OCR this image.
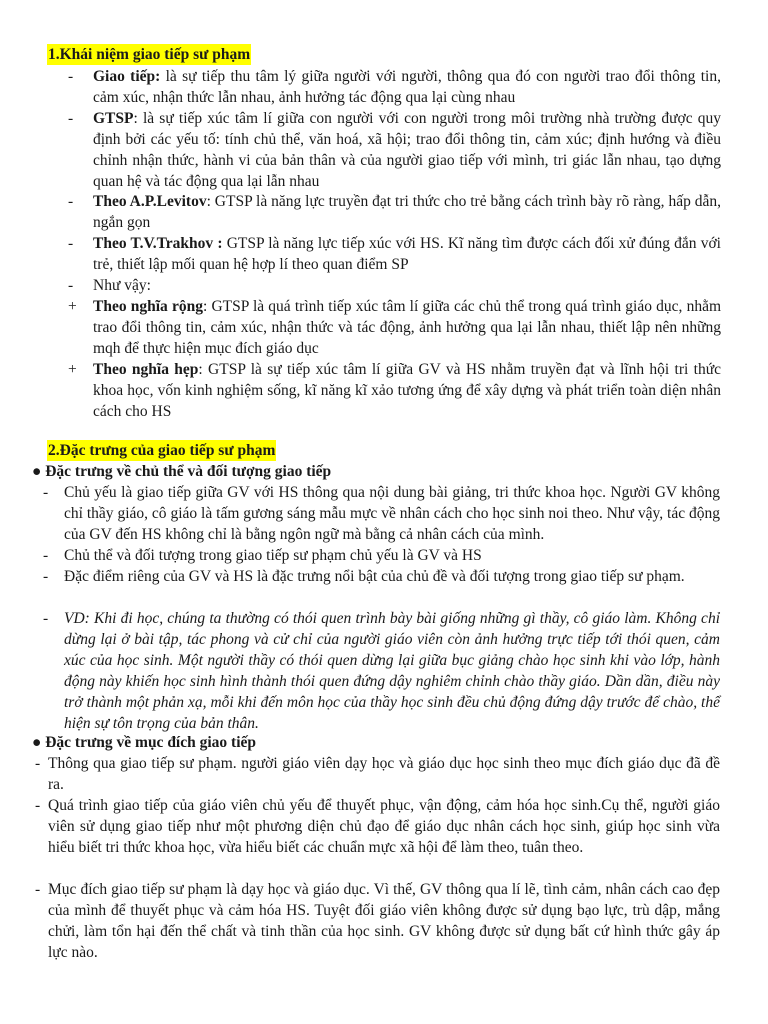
1.Khái niệm giao tiếp sư phạm
- Giao tiếp: là sự tiếp thu tâm lý giữa người với người, thông qua đó con người trao đổi thông tin, cảm xúc, nhận thức lẫn nhau, ảnh hưởng tác động qua lại cùng nhau
- GTSP: là sự tiếp xúc tâm lí giữa con người với con người trong môi trường nhà trường được quy định bởi các yếu tố: tính chủ thể, văn hoá, xã hội; trao đổi thông tin, cảm xúc; định hướng và điều chỉnh nhận thức, hành vi của bản thân và của người giao tiếp với mình, tri giác lẫn nhau, tạo dựng quan hệ và tác động qua lại lẫn nhau
- Theo A.P.Levitov: GTSP là năng lực truyền đạt tri thức cho trẻ bằng cách trình bày rõ ràng, hấp dẫn, ngắn gọn
- Theo T.V.Trakhov : GTSP là năng lực tiếp xúc với HS. Kĩ năng tìm được cách đối xử đúng đắn với trẻ, thiết lập mối quan hệ hợp lí theo quan điểm SP
- Như vậy:
+ Theo nghĩa rộng: GTSP là quá trình tiếp xúc tâm lí giữa các chủ thể trong quá trình giáo dục, nhằm trao đổi thông tin, cảm xúc, nhận thức và tác động, ảnh hưởng qua lại lẫn nhau, thiết lập nên những mqh để thực hiện mục đích giáo dục
+ Theo nghĩa hẹp: GTSP là sự tiếp xúc tâm lí giữa GV và HS nhằm truyền đạt và lĩnh hội tri thức khoa học, vốn kinh nghiệm sống, kĩ năng kĩ xảo tương ứng để xây dựng và phát triển toàn diện nhân cách cho HS
2.Đặc trưng của giao tiếp sư phạm
● Đặc trưng về chủ thể và đối tượng giao tiếp
- Chủ yếu là giao tiếp giữa GV với HS thông qua nội dung bài giảng, tri thức khoa học. Người GV không chỉ thầy giáo, cô giáo là tấm gương sáng mẫu mực về nhân cách cho học sinh noi theo. Như vậy, tác động của GV đến HS không chỉ là bằng ngôn ngữ mà bằng cả nhân cách của mình.
- Chủ thể và đối tượng trong giao tiếp sư phạm chủ yếu là GV và HS
- Đặc điểm riêng của GV và HS là đặc trưng nổi bật của chủ đề và đối tượng trong giao tiếp sư phạm.
- VD: Khi đi học, chúng ta thường có thói quen trình bày bài giống những gì thầy, cô giáo làm. Không chỉ dừng lại ở bài tập, tác phong và cử chỉ của người giáo viên còn ảnh hưởng trực tiếp tới thói quen, cảm xúc của học sinh. Một người thầy có thói quen dừng lại giữa bục giảng chào học sinh khi vào lớp, hành động này khiến học sinh hình thành thói quen đứng dậy nghiêm chỉnh chào thầy giáo. Dần dần, điều này trở thành một phản xạ, mỗi khi đến môn học của thầy học sinh đều chủ động đứng dậy trước để chào, thể hiện sự tôn trọng của bản thân.
● Đặc trưng về mục đích giao tiếp
- Thông qua giao tiếp sư phạm. người giáo viên dạy học và giáo dục học sinh theo mục đích giáo dục đã đề ra.
- Quá trình giao tiếp của giáo viên chủ yếu để thuyết phục, vận động, cảm hóa học sinh.Cụ thể, người giáo viên sử dụng giao tiếp như một phương diện chủ đạo để giáo dục nhân cách học sinh, giúp học sinh vừa hiểu biết tri thức khoa học, vừa hiểu biết các chuẩn mực xã hội để làm theo, tuân theo.
- Mục đích giao tiếp sư phạm là dạy học và giáo dục. Vì thế, GV thông qua lí lẽ, tình cảm, nhân cách cao đẹp của mình để thuyết phục và cảm hóa HS. Tuyệt đối giáo viên không được sử dụng bạo lực, trù dập, mắng chửi, làm tổn hại đến thể chất và tinh thần của học sinh. GV không được sử dụng bất cứ hình thức gây áp lực nào.
